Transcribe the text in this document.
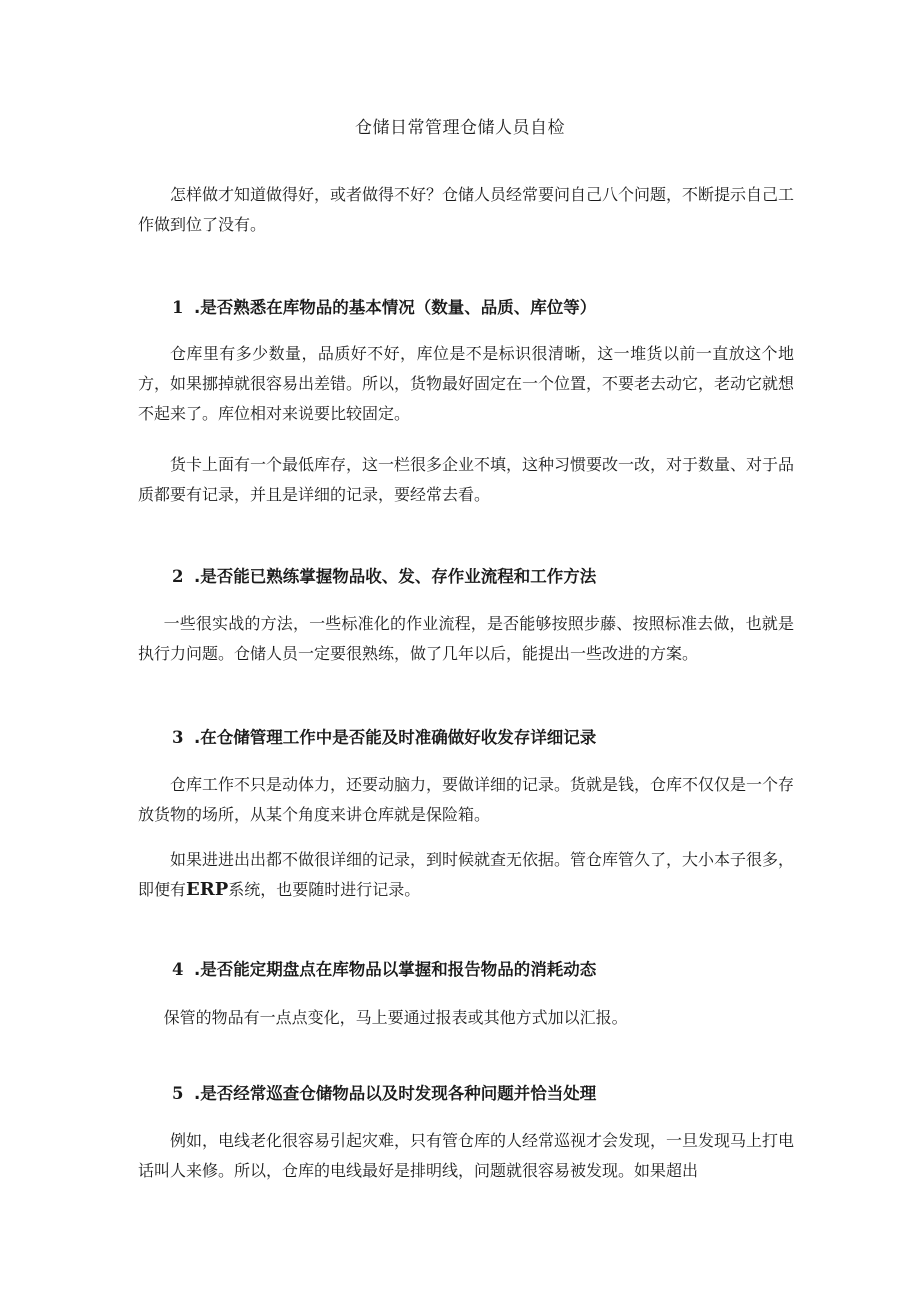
仓储日常管理仓储人员自检

怎样做才知道做得好，或者做得不好？仓储人员经常要问自己八个问题，不断提示自己工作做到位了没有。

1 .是否熟悉在库物品的基本情况（数量、品质、库位等）

仓库里有多少数量，品质好不好，库位是不是标识很清晰，这一堆货以前一直放这个地方，如果挪掉就很容易出差错。所以，货物最好固定在一个位置，不要老去动它，老动它就想不起来了。库位相对来说要比较固定。

货卡上面有一个最低库存，这一栏很多企业不填，这种习惯要改一改，对于数量、对于品质都要有记录，并且是详细的记录，要经常去看。

2 .是否能已熟练掌握物品收、发、存作业流程和工作方法

一些很实战的方法，一些标准化的作业流程，是否能够按照步藤、按照标准去做，也就是执行力问题。仓储人员一定要很熟练，做了几年以后，能提出一些改进的方案。

3 .在仓储管理工作中是否能及时准确做好收发存详细记录

仓库工作不只是动体力，还要动脑力，要做详细的记录。货就是钱，仓库不仅仅是一个存放货物的场所，从某个角度来讲仓库就是保险箱。

如果进进出出都不做很详细的记录，到时候就查无依据。管仓库管久了，大小本子很多，即便有ERP系统，也要随时进行记录。

4 .是否能定期盘点在库物品以掌握和报告物品的消耗动态

保管的物品有一点点变化，马上要通过报表或其他方式加以汇报。

5 .是否经常巡查仓储物品以及时发现各种问题并恰当处理

例如，电线老化很容易引起灾难，只有管仓库的人经常巡视才会发现，一旦发现马上打电话叫人来修。所以，仓库的电线最好是排明线，问题就很容易被发现。如果超出
